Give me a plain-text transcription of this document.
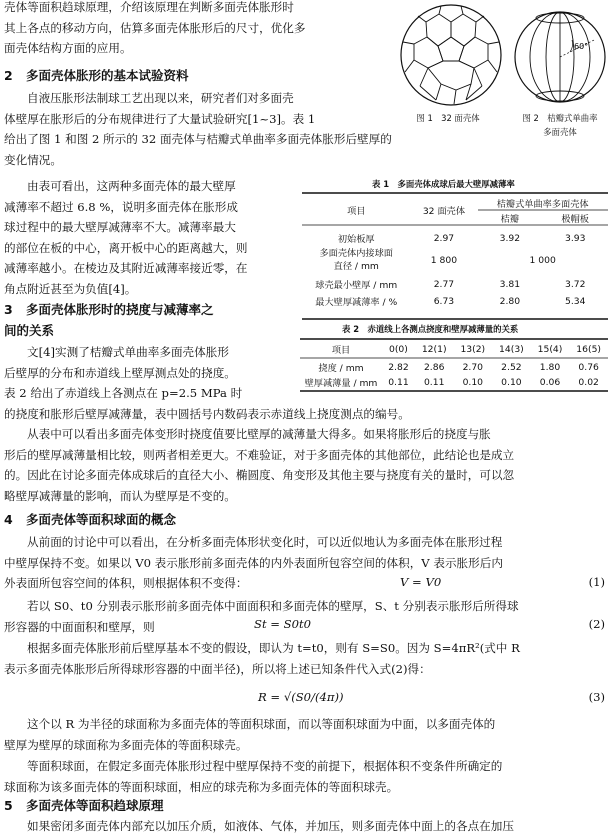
壳体等面积趋球原理，介绍该原理在判断多面壳体胀形时

其上各点的移动方向，估算多面壳体胀形后的尺寸，优化多

面壳体结构方面的应用。

图 1　32 面壳体
60°
图 2　桔瓣式单曲率
多面壳体
2 多面壳体胀形的基本试验资料

自液压胀形法制球工艺出现以来，研究者们对多面壳

体壁厚在胀形后的分布规律进行了大量试验研究[1~3]。表 1

给出了图 1 和图 2 所示的 32 面壳体与桔瓣式单曲率多面壳体胀形后壁厚的

变化情况。

由表可看出，这两种多面壳体的最大壁厚

减薄率不超过 6.8 %，说明多面壳体在胀形成

球过程中的最大壁厚减薄率不大。减薄率最大

的部位在板的中心，离开板中心的距离越大，则

减薄率越小。在棱边及其附近减薄率接近零，在

角点附近甚至为负值[4]。

表 1　多面壳体成球后最大壁厚减薄率
项目	32 面壳体	桔瓣式单曲率多面壳体	
		桔瓣	极帽板

初始板厚	2.97	3.92	3.93

多面壳体内接球面
直径 / mm	1 800	1 000	
球壳最小壁厚 / mm	2.77	3.81	3.72
最大壁厚减薄率 / %	6.73	2.80	5.34
3 多面壳体胀形时的挠度与减薄率之
间的关系

文[4]实测了桔瓣式单曲率多面壳体胀形

后壁厚的分布和赤道线上壁厚测点处的挠度。

表 2 给出了赤道线上各测点在 p=2.5 MPa 时

的挠度和胀形后壁厚减薄量，表中圆括号内数码表示赤道线上挠度测点的编号。

表 2　赤道线上各测点挠度和壁厚减薄量的关系
项目	0(0)	12(1)	13(2)	14(3)	15(4)	16(5)

挠度 / mm	2.82	2.86	2.70	2.52	1.80	0.76
壁厚减薄量 / mm	0.11	0.11	0.10	0.10	0.06	0.02

从表中可以看出多面壳体变形时挠度值要比壁厚的减薄量大得多。如果将胀形后的挠度与胀

形后的壁厚减薄量相比较，则两者相差更大。不难验证，对于多面壳体的其他部位，此结论也是成立

的。因此在讨论多面壳体成球后的直径大小、椭圆度、角变形及其他主要与挠度有关的量时，可以忽

略壁厚减薄量的影响，而认为壁厚是不变的。

4 多面壳体等面积球面的概念

从前面的讨论中可以看出，在分析多面壳体形状变化时，可以近似地认为多面壳体在胀形过程

中壁厚保持不变。如果以 V0 表示胀形前多面壳体的内外表面所包容空间的体积，V 表示胀形后内

外表面所包容空间的体积，则根据体积不变得：	V = V0	(1)

若以 S0、t0 分别表示胀形前多面壳体中面面积和多面壳体的壁厚，S、t 分别表示胀形后所得球

形容器的中面面积和壁厚，则	St = S0t0	(2)

根据多面壳体胀形前后壁厚基本不变的假设，即认为 t=t0，则有 S=S0。因为 S=4πR²(式中 R

表示多面壳体胀形后所得球形容器的中面半径)，所以将上述已知条件代入式(2)得：

R = √(S0/(4π))	(3)

这个以 R 为半径的球面称为多面壳体的等面积球面，而以等面积球面为中面，以多面壳体的

壁厚为壁厚的球面称为多面壳体的等面积球壳。

等面积球面，在假定多面壳体胀形过程中壁厚保持不变的前提下，根据体积不变条件所确定的

球面称为该多面壳体的等面积球面，相应的球壳称为多面壳体的等面积球壳。

5 多面壳体等面积趋球原理

如果密闭多面壳体内部充以加压介质，如液体、气体，并加压，则多面壳体中面上的各点在加压
